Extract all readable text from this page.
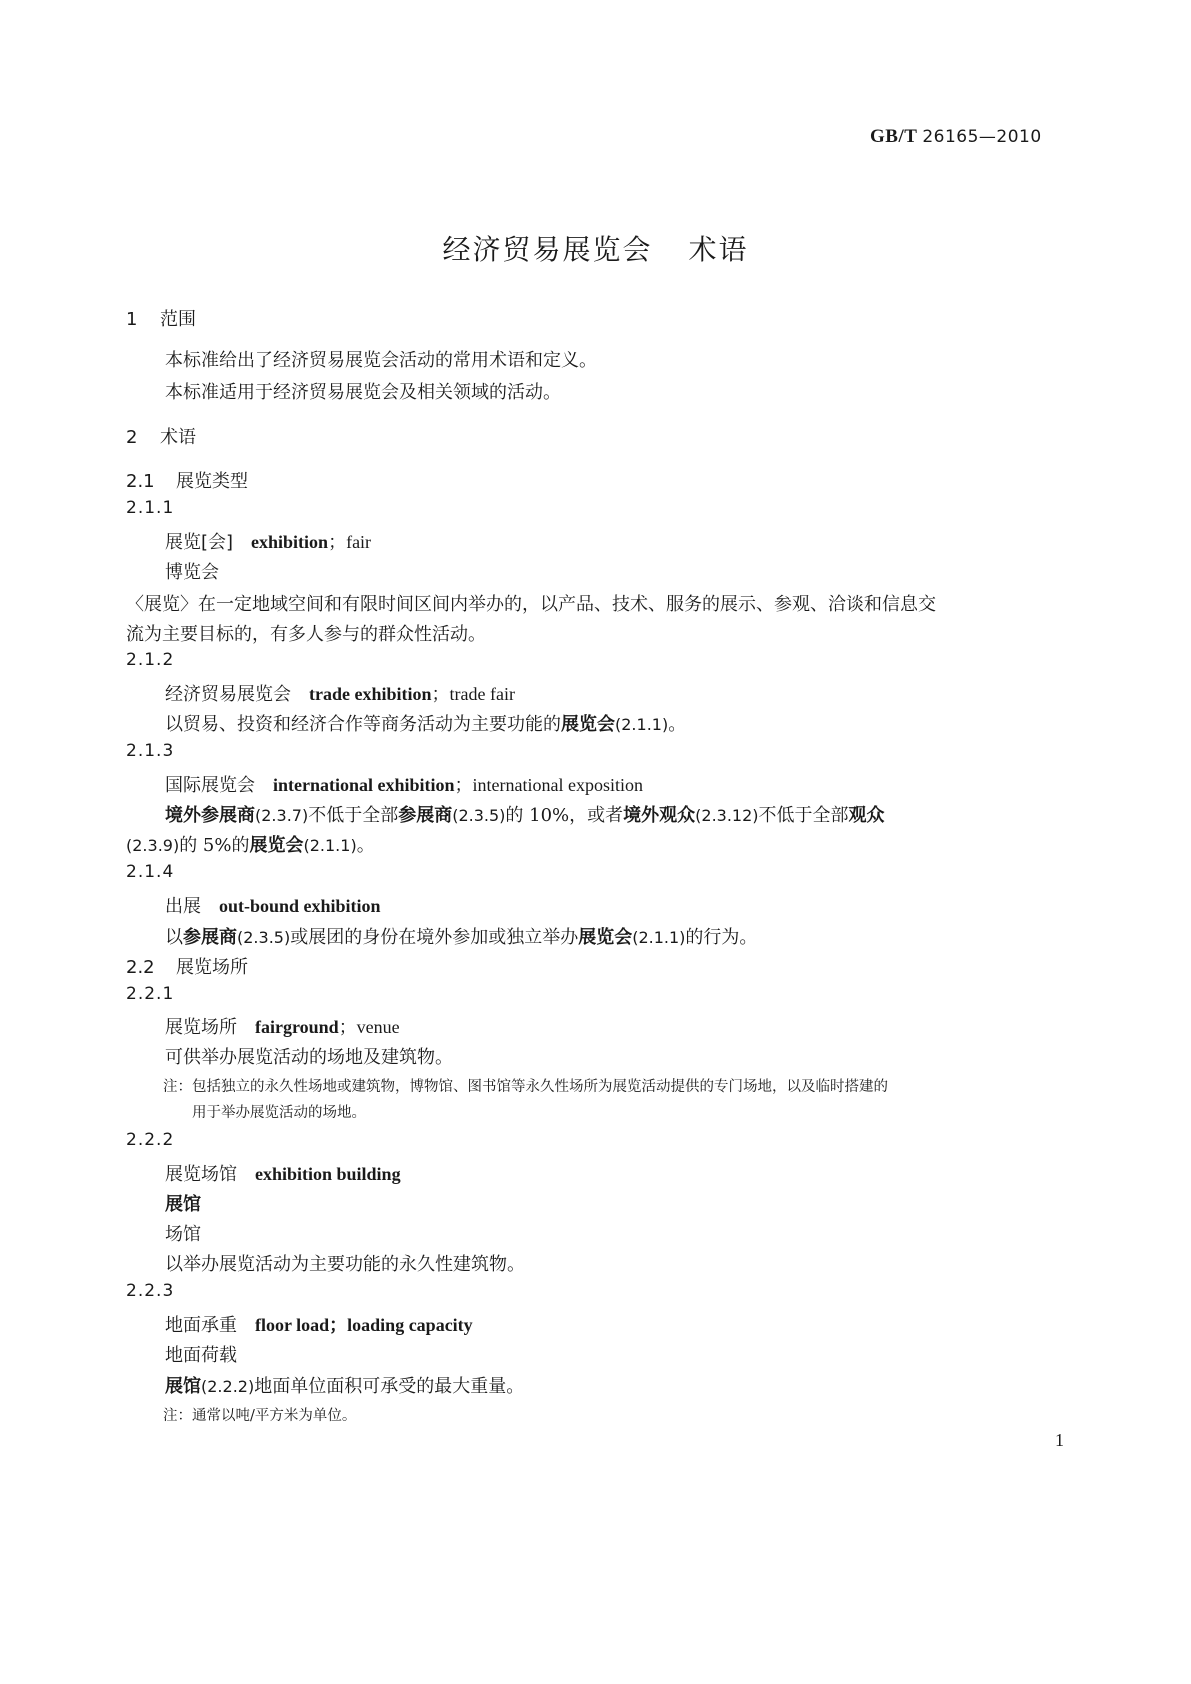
GB/T 26165—2010
经济贸易展览会 术语
1 范围
本标准给出了经济贸易展览会活动的常用术语和定义。
本标准适用于经济贸易展览会及相关领域的活动。
2 术语
2.1 展览类型
2.1.1
展览[会] exhibition；fair
博览会
〈展览〉在一定地域空间和有限时间区间内举办的，以产品、技术、服务的展示、参观、洽谈和信息交
流为主要目标的，有多人参与的群众性活动。
2.1.2
经济贸易展览会 trade exhibition；trade fair
以贸易、投资和经济合作等商务活动为主要功能的展览会(2.1.1)。
2.1.3
国际展览会 international exhibition；international exposition
境外参展商(2.3.7)不低于全部参展商(2.3.5)的 10%，或者境外观众(2.3.12)不低于全部观众
(2.3.9)的 5%的展览会(2.1.1)。
2.1.4
出展 out-bound exhibition
以参展商(2.3.5)或展团的身份在境外参加或独立举办展览会(2.1.1)的行为。
2.2 展览场所
2.2.1
展览场所 fairground；venue
可供举办展览活动的场地及建筑物。
注：包括独立的永久性场地或建筑物，博物馆、图书馆等永久性场所为展览活动提供的专门场地，以及临时搭建的
用于举办展览活动的场地。
2.2.2
展览场馆 exhibition building
展馆
场馆
以举办展览活动为主要功能的永久性建筑物。
2.2.3
地面承重 floor load；loading capacity
地面荷载
展馆(2.2.2)地面单位面积可承受的最大重量。
注：通常以吨/平方米为单位。
1
